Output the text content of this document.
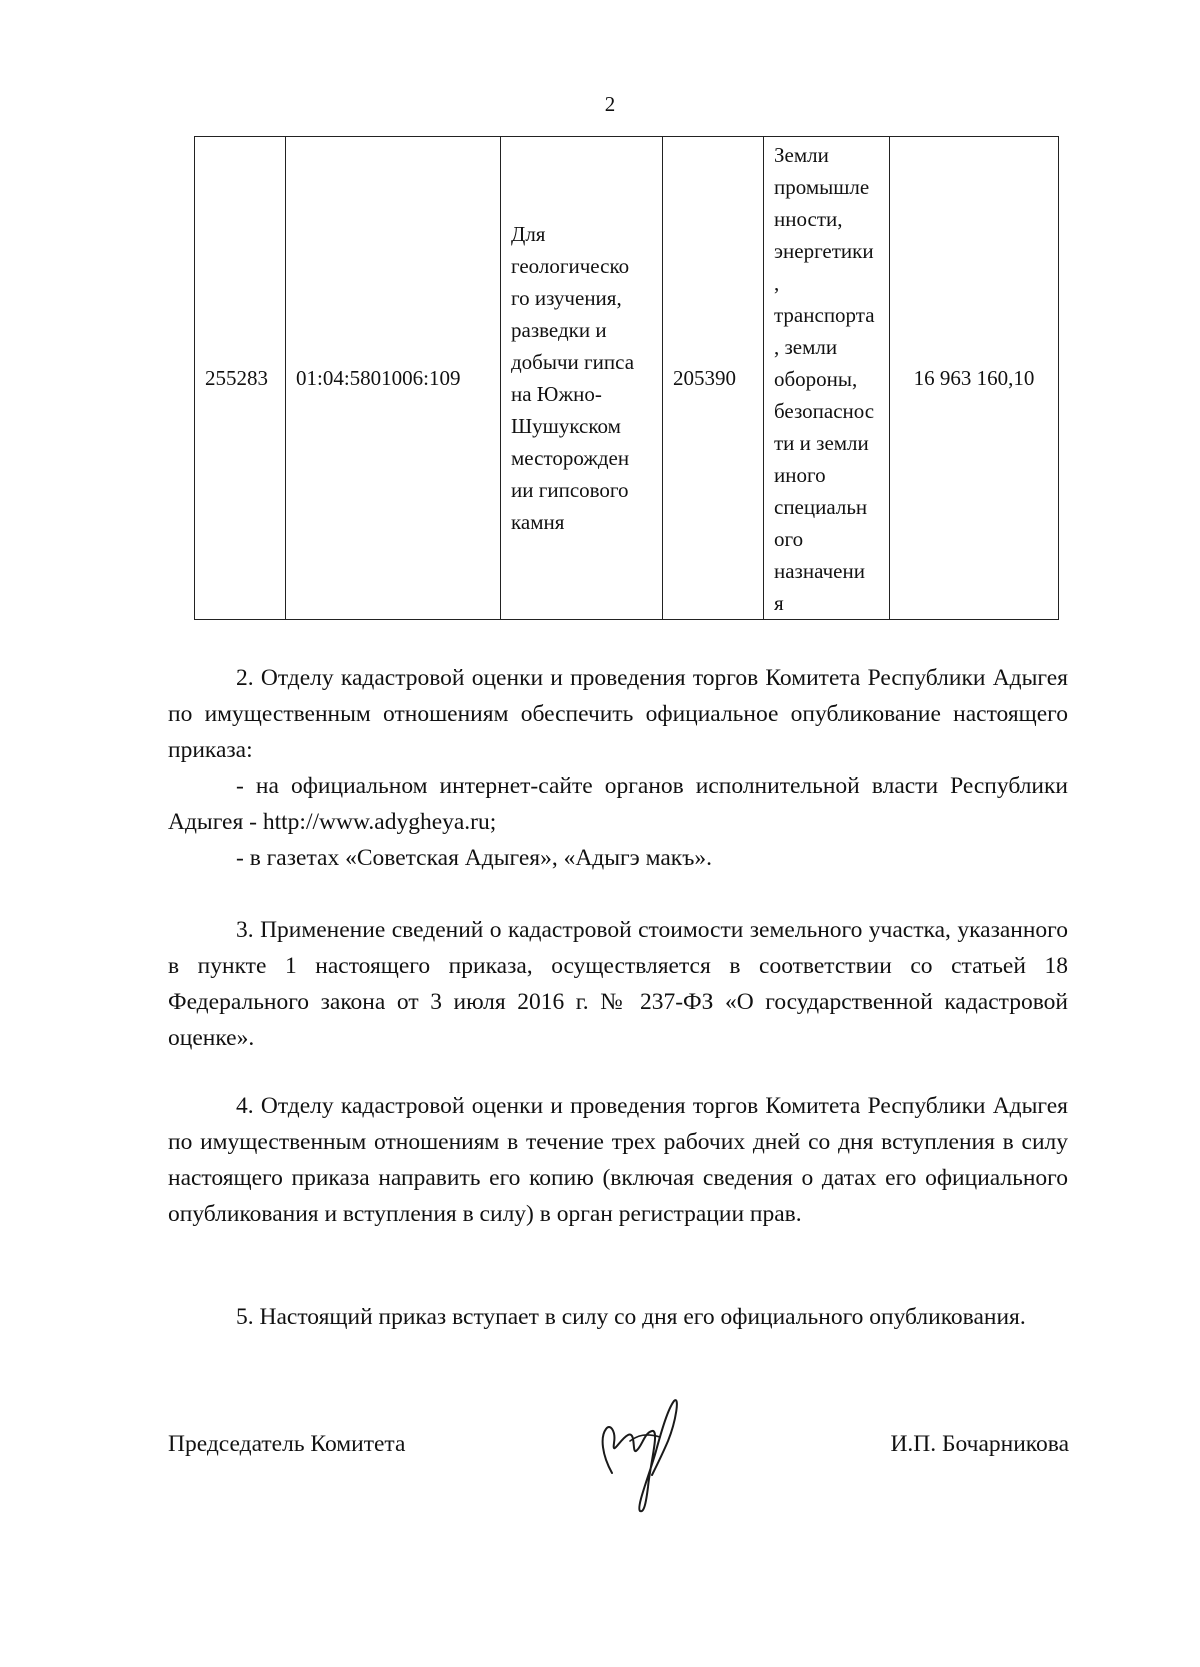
2
255283	01:04:5801006:109	Для
геологическо
го изучения,
разведки и
добычи гипса
на Южно-
Шушукском
месторожден
ии гипсового
камня	205390	Земли
промышле
нности,
энергетики
,
транспорта
, земли
обороны,
безопаснос
ти и земли
иного
специальн
ого
назначени
я	16 963 160,10

2. Отделу кадастровой оценки и проведения торгов Комитета Республики Адыгея по имущественным отношениям обеспечить официальное опубликование настоящего приказа:

- на официальном интернет-сайте органов исполнительной власти Республики Адыгея - http://www.adygheya.ru;

- в газетах «Советская Адыгея», «Адыгэ макъ».

3. Применение сведений о кадастровой стоимости земельного участка, указанного в пункте 1 настоящего приказа, осуществляется в соответствии со статьей 18 Федерального закона от 3 июля 2016 г. № 237-ФЗ «О государственной кадастровой оценке».

4. Отделу кадастровой оценки и проведения торгов Комитета Республики Адыгея по имущественным отношениям в течение трех рабочих дней со дня вступления в силу настоящего приказа направить его копию (включая сведения о датах его официального опубликования и вступления в силу) в орган регистрации прав.

5. Настоящий приказ вступает в силу со дня его официального опубликования.

Председатель Комитета	И.П. Бочарникова
